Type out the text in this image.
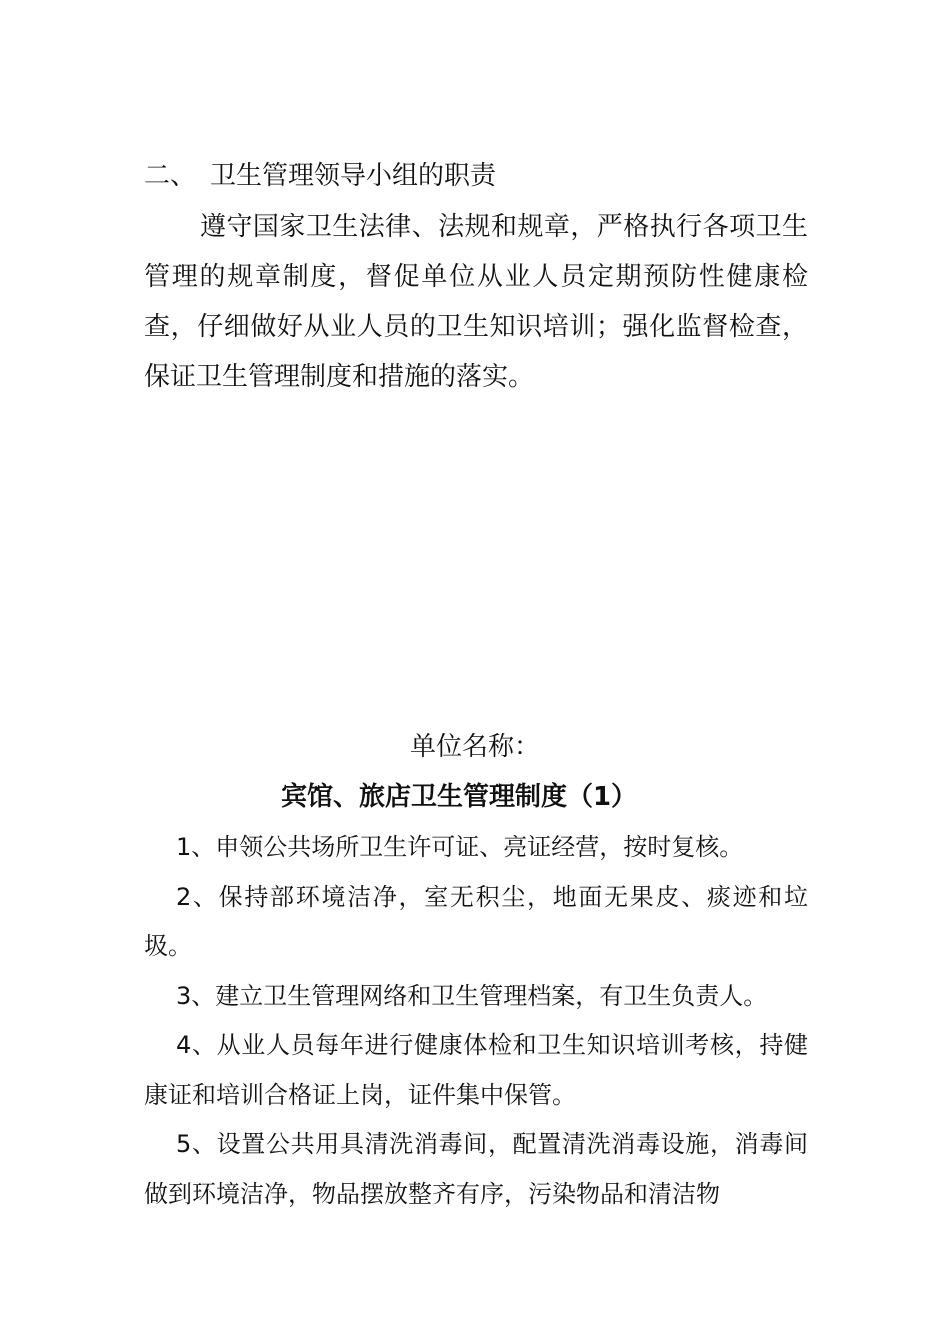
二、 卫生管理领导小组的职责
遵守国家卫生法律、法规和规章，严格执行各项卫生管理的规章制度，督促单位从业人员定期预防性健康检查，仔细做好从业人员的卫生知识培训；强化监督检查，保证卫生管理制度和措施的落实。
单位名称：
宾馆、旅店卫生管理制度（1）
1、申领公共场所卫生许可证、亮证经营，按时复核。
2、保持部环境洁净，室无积尘，地面无果皮、痰迹和垃圾。
3、建立卫生管理网络和卫生管理档案，有卫生负责人。
4、从业人员每年进行健康体检和卫生知识培训考核，持健康证和培训合格证上岗，证件集中保管。
5、设置公共用具清洗消毒间，配置清洗消毒设施，消毒间做到环境洁净，物品摆放整齐有序，污染物品和清洁物
